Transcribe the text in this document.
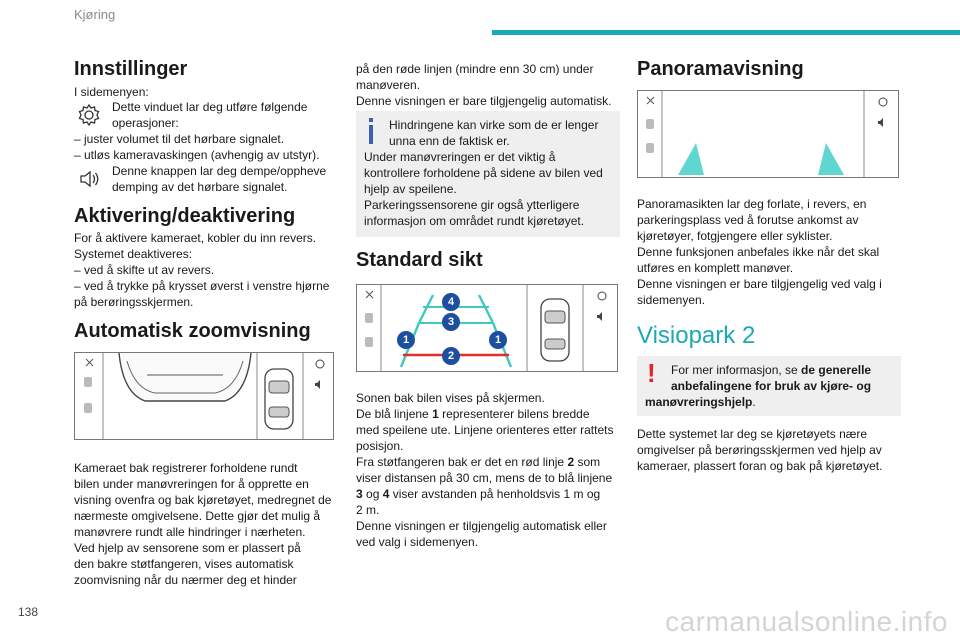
Kjøring
Innstillinger
I sidemenyen:
Dette vinduet lar deg utføre følgende
operasjoner:
– juster volumet til det hørbare signalet.
– utløs kameravaskingen (avhengig av utstyr).
Denne knappen lar deg dempe/oppheve
demping av det hørbare signalet.
Aktivering/deaktivering
For å aktivere kameraet, kobler du inn revers.
Systemet deaktiveres:
– ved å skifte ut av revers.
– ved å trykke på krysset øverst i venstre hjørne
på berøringsskjermen.
Automatisk zoomvisning
Kameraet bak registrerer forholdene rundt
bilen under manøvreringen for å opprette en
visning ovenfra og bak kjøretøyet, medregnet de
nærmeste omgivelsene. Dette gjør det mulig å
manøvrere rundt alle hindringer i nærheten.
Ved hjelp av sensorene som er plassert på
den bakre støtfangeren, vises automatisk
zoomvisning når du nærmer deg et hinder
på den røde linjen (mindre enn 30 cm) under
manøveren.
Denne visningen er bare tilgjengelig automatisk.
Hindringene kan virke som de er lenger
unna enn de faktisk er.
Under manøvreringen er det viktig å
kontrollere forholdene på sidene av bilen ved
hjelp av speilene.
Parkeringssensorene gir også ytterligere
informasjon om området rundt kjøretøyet.
Standard sikt
1	1
2
3
4
Sonen bak bilen vises på skjermen.
De blå linjene 1 representerer bilens bredde
med speilene ute. Linjene orienteres etter rattets
posisjon.
Fra støtfangeren bak er det en rød linje 2 som
viser distansen på 30 cm, mens de to blå linjene
3 og 4 viser avstanden på henholdsvis 1 m og
2 m.
Denne visningen er tilgjengelig automatisk eller
ved valg i sidemenyen.
Panoramavisning
Panoramasikten lar deg forlate, i revers, en
parkeringsplass ved å forutse ankomst av
kjøretøyer, fotgjengere eller syklister.
Denne funksjonen anbefales ikke når det skal
utføres en komplett manøver.
Denne visningen er bare tilgjengelig ved valg i
sidemenyen.
Visiopark 2
! For mer informasjon, se de generelle
anbefalingene for bruk av kjøre- og
manøvreringshjelp.
Dette systemet lar deg se kjøretøyets nære
omgivelser på berøringsskjermen ved hjelp av
kameraer, plassert foran og bak på kjøretøyet.
138	carmanualsonline.info
